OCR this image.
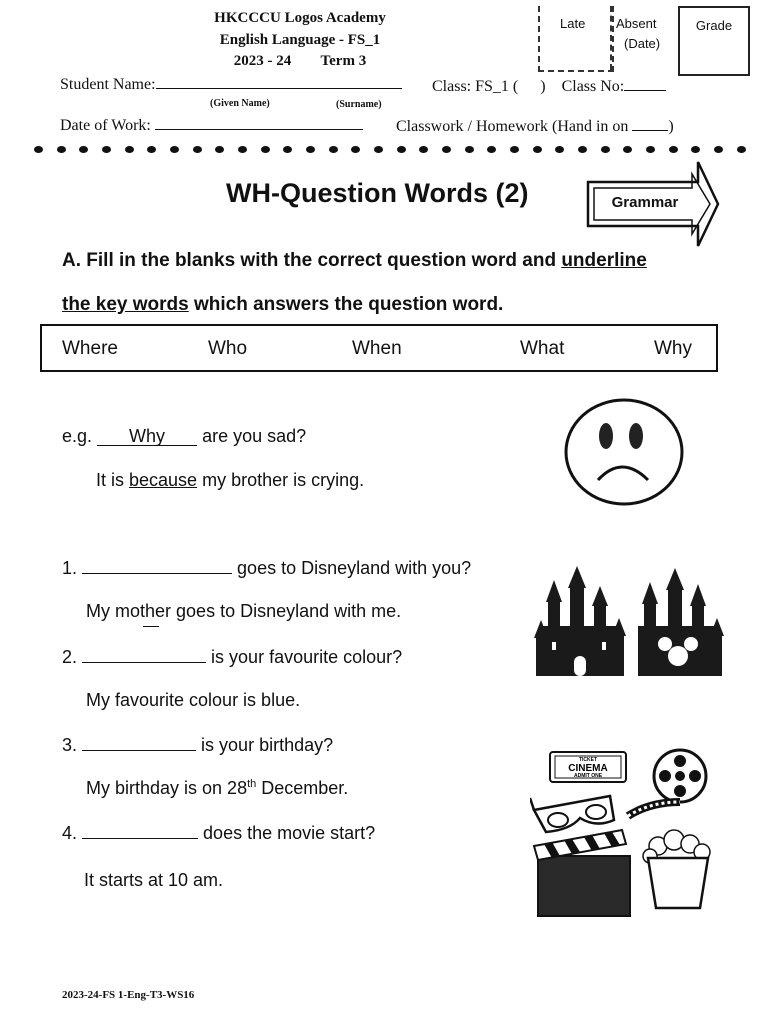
HKCCCU Logos Academy
English Language - FS_1
2023 - 24 Term 3
Late Absent
(Date)
Grade
Student Name:
(Given Name)	(Surname)
Class: FS_1 ( ) Class No:
Date of Work:	Classwork / Homework (Hand in on	)
WH-Question Words (2)	Grammar
A. Fill in the blanks with the correct question word and underline
the key words which answers the question word.
Where	Who	When	What	Why
e.g. Why are you sad?
It is because my brother is crying.
1.	goes to Disneyland with you?
My mother
goes to Disneyland with me.
2.	is your favourite colour?
My favourite colour is blue.
3.	is your birthday?
My birthday is on 28th December.
4.	does the movie start?
It starts at 10 am.
TICKET
CINEMA
ADMIT ONE
2023-24-FS 1-Eng-T3-WS16
